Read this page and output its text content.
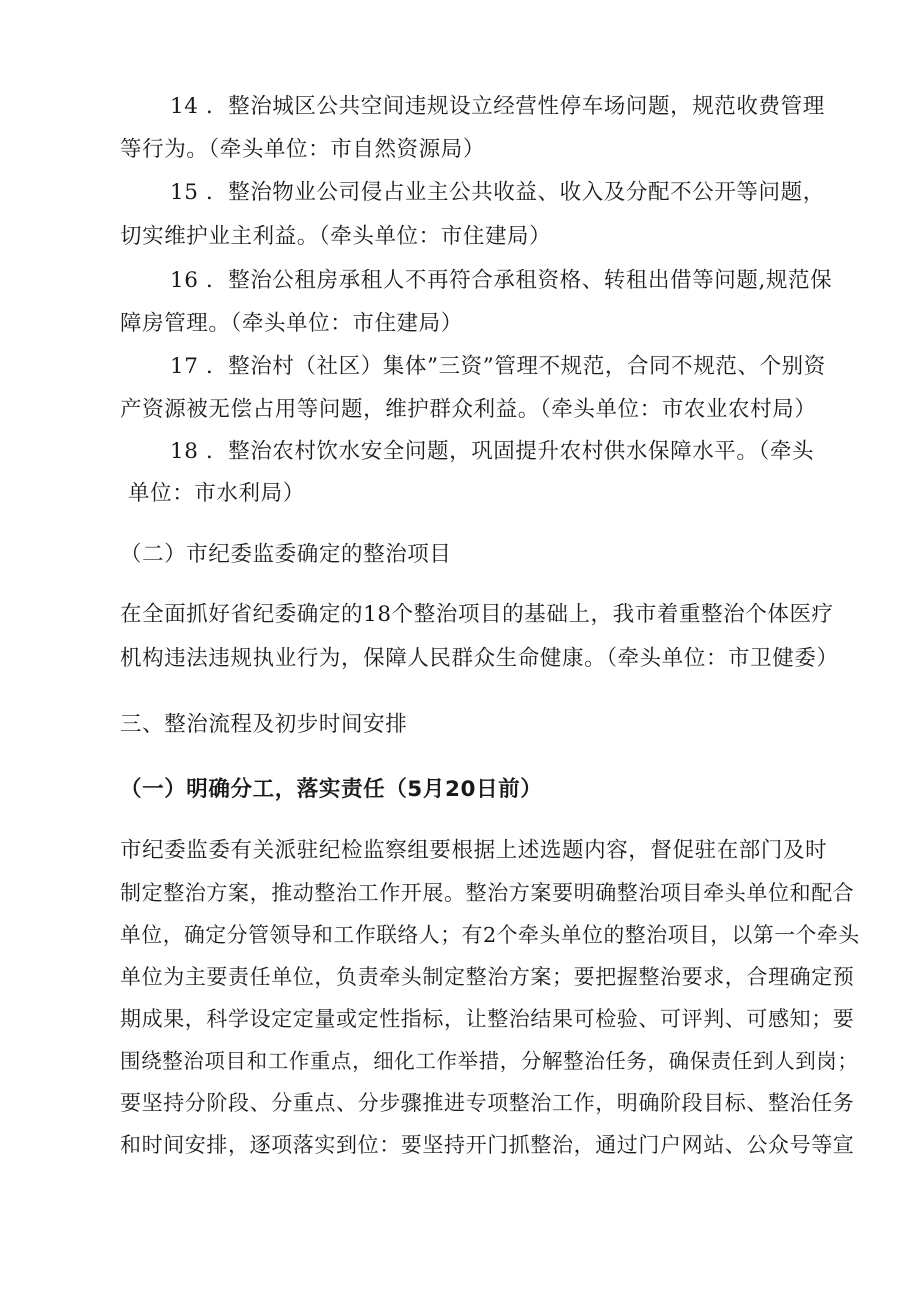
14 ．整治城区公共空间违规设立经营性停车场问题，规范收费管理
等行为。（牵头单位：市自然资源局）
15 ．整治物业公司侵占业主公共收益、收入及分配不公开等问题，
切实维护业主利益。（牵头单位：市住建局）
16 ．整治公租房承租人不再符合承租资格、转租出借等问题,规范保
障房管理。（牵头单位：市住建局）
17 ．整治村（社区）集体”三资”管理不规范，合同不规范、个别资
产资源被无偿占用等问题，维护群众利益。（牵头单位：市农业农村局）
18 ．整治农村饮水安全问题，巩固提升农村供水保障水平。（牵头
单位：市水利局）
（二）市纪委监委确定的整治项目
在全面抓好省纪委确定的18个整治项目的基础上，我市着重整治个体医疗
机构违法违规执业行为，保障人民群众生命健康。（牵头单位：市卫健委）
三、整治流程及初步时间安排
（一）明确分工，落实责任（5月20日前）
市纪委监委有关派驻纪检监察组要根据上述选题内容，督促驻在部门及时
制定整治方案，推动整治工作开展。整治方案要明确整治项目牵头单位和配合
单位，确定分管领导和工作联络人；有2个牵头单位的整治项目，以第一个牵头
单位为主要责任单位，负责牵头制定整治方案；要把握整治要求，合理确定预
期成果，科学设定定量或定性指标，让整治结果可检验、可评判、可感知；要
围绕整治项目和工作重点，细化工作举措，分解整治任务，确保责任到人到岗；
要坚持分阶段、分重点、分步骤推进专项整治工作，明确阶段目标、整治任务
和时间安排，逐项落实到位：要坚持开门抓整治，通过门户网站、公众号等宣
